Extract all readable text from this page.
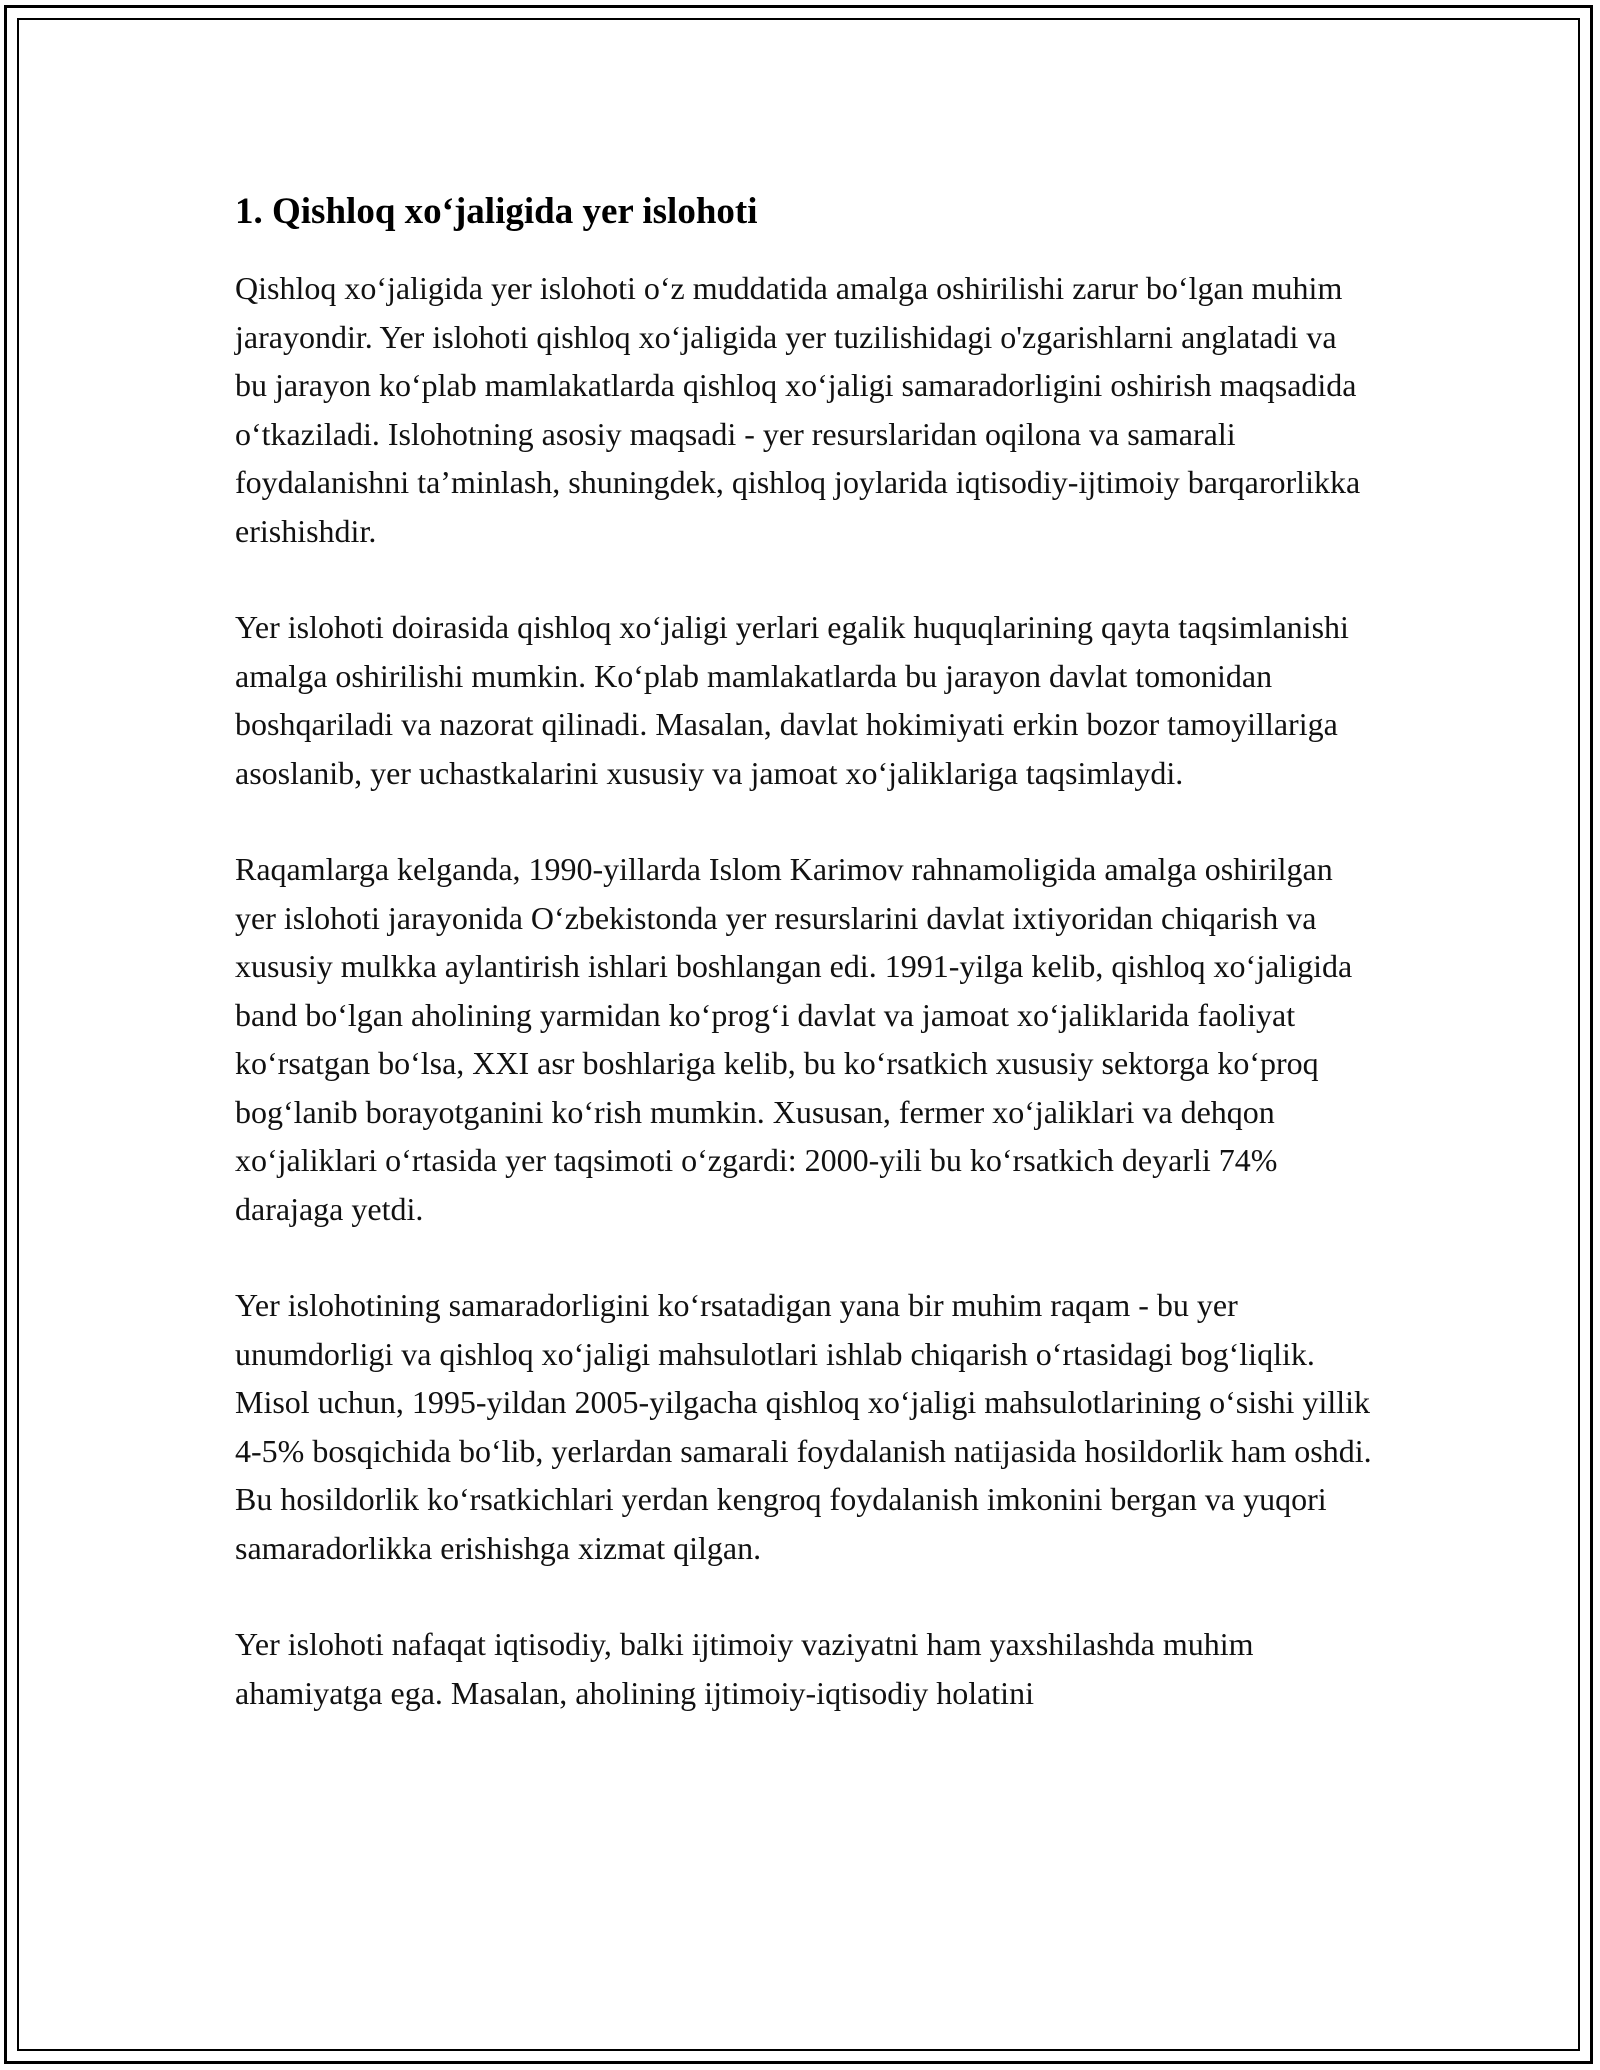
1. Qishloq xo‘jaligida yer islohoti

Qishloq xo‘jaligida yer islohoti o‘z muddatida amalga oshirilishi zarur bo‘lgan muhim jarayondir. Yer islohoti qishloq xo‘jaligida yer tuzilishidagi o'zgarishlarni anglatadi va bu jarayon ko‘plab mamlakatlarda qishloq xo‘jaligi samaradorligini oshirish maqsadida o‘tkaziladi. Islohotning asosiy maqsadi - yer resurslaridan oqilona va samarali foydalanishni ta’minlash, shuningdek, qishloq joylarida iqtisodiy-ijtimoiy barqarorlikka erishishdir.

Yer islohoti doirasida qishloq xo‘jaligi yerlari egalik huquqlarining qayta taqsimlanishi amalga oshirilishi mumkin. Ko‘plab mamlakatlarda bu jarayon davlat tomonidan boshqariladi va nazorat qilinadi. Masalan, davlat hokimiyati erkin bozor tamoyillariga asoslanib, yer uchastkalarini xususiy va jamoat xo‘jaliklariga taqsimlaydi.

Raqamlarga kelganda, 1990-yillarda Islom Karimov rahnamoligida amalga oshirilgan yer islohoti jarayonida O‘zbekistonda yer resurslarini davlat ixtiyoridan chiqarish va xususiy mulkka aylantirish ishlari boshlangan edi. 1991-yilga kelib, qishloq xo‘jaligida band bo‘lgan aholining yarmidan ko‘prog‘i davlat va jamoat xo‘jaliklarida faoliyat ko‘rsatgan bo‘lsa, XXI asr boshlariga kelib, bu ko‘rsatkich xususiy sektorga ko‘proq bog‘lanib borayotganini ko‘rish mumkin. Xususan, fermer xo‘jaliklari va dehqon xo‘jaliklari o‘rtasida yer taqsimoti o‘zgardi: 2000-yili bu ko‘rsatkich deyarli 74% darajaga yetdi.

Yer islohotining samaradorligini ko‘rsatadigan yana bir muhim raqam - bu yer unumdorligi va qishloq xo‘jaligi mahsulotlari ishlab chiqarish o‘rtasidagi bog‘liqlik. Misol uchun, 1995-yildan 2005-yilgacha qishloq xo‘jaligi mahsulotlarining o‘sishi yillik 4-5% bosqichida bo‘lib, yerlardan samarali foydalanish natijasida hosildorlik ham oshdi. Bu hosildorlik ko‘rsatkichlari yerdan kengroq foydalanish imkonini bergan va yuqori samaradorlikka erishishga xizmat qilgan.

Yer islohoti nafaqat iqtisodiy, balki ijtimoiy vaziyatni ham yaxshilashda muhim ahamiyatga ega. Masalan, aholining ijtimoiy-iqtisodiy holatini
